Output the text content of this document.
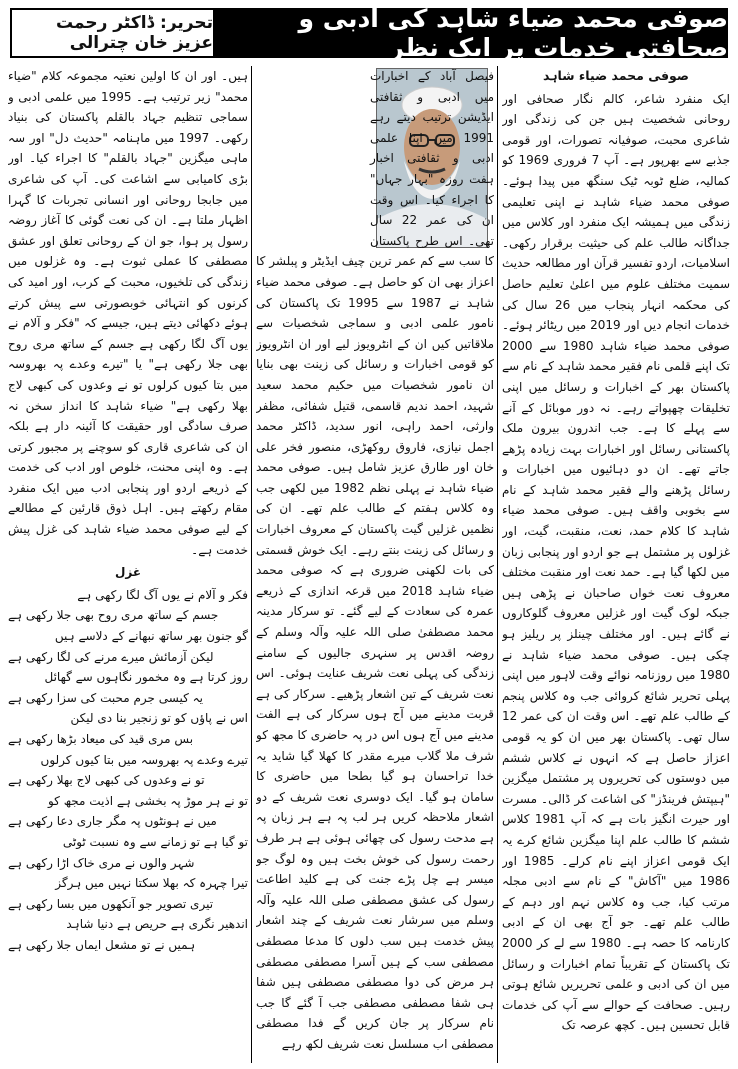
تحریر: ڈاکٹر رحمت عزیز خان چترالی
صوفی محمد ضیاء شاہد کی ادبی و صحافتی خدمات پر ایک نظر
صوفی محمد ضیاء شاہد

ایک منفرد شاعر، کالم نگار صحافی اور روحانی شخصیت ہیں جن کی زندگی اور شاعری محبت، صوفیانہ تصورات، اور قومی جذبے سے بھرپور ہے۔ آپ 7 فروری 1969 کو کمالیہ، ضلع ٹوبہ ٹیک سنگھ میں پیدا ہوئے۔ صوفی محمد ضیاء شاہد نے اپنی تعلیمی زندگی میں ہمیشہ ایک منفرد اور کلاس میں جداگانہ طالب علم کی حیثیت برقرار رکھی۔ اسلامیات، اردو تفسیر قرآن اور مطالعہ حدیث سمیت مختلف علوم میں اعلیٰ تعلیم حاصل کی محکمہ انہار پنجاب میں 26 سال کی خدمات انجام دیں اور 2019 میں ریٹائر ہوئے۔ صوفی محمد ضیاء شاہد 1980 سے 2000 تک اپنے قلمی نام فقیر محمد شاہد کے نام سے پاکستان بھر کے اخبارات و رسائل میں اپنی تخلیقات چھپواتے رہے۔ نہ دور موبائل کے آنے سے پہلے کا ہے۔ جب اندرون بیرون ملک پاکستانی رسائل اور اخبارات بہت زیادہ پڑھے جاتے تھے۔ ان دو دہائیوں میں اخبارات و رسائل پڑھنے والے فقیر محمد شاہد کے نام سے بخوبی واقف ہیں۔ صوفی محمد ضیاء شاہد کا کلام حمد، نعت، منقبت، گیت، اور غزلوں پر مشتمل ہے جو اردو اور پنجابی زبان میں لکھا گیا ہے۔ حمد نعت اور منقبت مختلف معروف نعت خواں صاحبان نے پڑھی ہیں جبکہ لوک گیت اور غزلیں معروف گلوکاروں نے گائے ہیں۔ اور مختلف چینلز پر ریلیز ہو چکی ہیں۔ صوفی محمد ضیاء شاہد نے 1980 میں روزنامہ نوائے وقت لاہور میں اپنی پہلی تحریر شائع کروائی جب وہ کلاس پنجم کے طالب علم تھے۔ اس وقت ان کی عمر 12 سال تھی۔ پاکستان بھر میں ان کو یہ قومی اعزاز حاصل ہے کہ انہوں نے کلاس ششم میں دوستوں کی تحریروں پر مشتمل میگزین "ہیپتش فرینڈز" کی اشاعت کر ڈالی۔ مسرت اور حیرت انگیز بات ہے کہ آپ 1981 کلاس ششم کا طالب علم اپنا میگزین شائع کرے یہ ایک قومی اعزاز اپنے نام کرلے۔ 1985 اور 1986 میں "آکاش" کے نام سے ادبی مجلہ مرتب کیا، جب وہ کلاس نہم اور دہم کے طالب علم تھے۔ جو آج بھی ان کے ادبی کارنامہ کا حصہ ہے۔ 1980 سے لے کر 2000 تک پاکستان کے تقریباً تمام اخبارات و رسائل میں ان کی ادبی و علمی تحریریں شائع ہوتی رہیں۔ صحافت کے حوالے سے آپ کی خدمات قابل تحسین ہیں۔ کچھ عرصہ تک

فیصل آباد کے اخبارات میں ادبی و ثقافتی ایڈیشن ترتیب دیتے رہے 1991 میں اپنا علمی ادبی و ثقافتی اخبار ہفت روزہ "بہار جہاں" کا اجراء کیا۔ اس وقت ان کی عمر 22 سال تھی۔ اس طرح پاکستان کا سب سے کم عمر ترین چیف ایڈیٹر و پبلشر کا اعزاز بھی ان کو حاصل ہے۔ صوفی محمد ضیاء شاہد نے 1987 سے 1995 تک پاکستان کی نامور علمی ادبی و سماجی شخصیات سے ملاقاتیں کیں ان کے انٹرویوز لیے اور ان انٹرویوز کو قومی اخبارات و رسائل کی زینت بھی بنایا ان نامور شخصیات میں حکیم محمد سعید شہید، احمد ندیم قاسمی، قتیل شفائی، مظفر وارثی، احمد راہی، انور سدید، ڈاکٹر محمد اجمل نیازی، فاروق روکھڑی، منصور فخر علی خان اور طارق عزیز شامل ہیں۔ صوفی محمد ضیاء شاہد نے پہلی نظم 1982 میں لکھی جب وہ کلاس ہفتم کے طالب علم تھے۔ ان کی نظمیں غزلیں گیت پاکستان کے معروف اخبارات و رسائل کی زینت بنتے رہے۔ ایک خوش قسمتی کی بات لکھنی ضروری ہے کہ صوفی محمد ضیاء شاہد 2018 میں قرعہ اندازی کے ذریعے عمرہ کی سعادت کے لیے گئے۔ تو سرکار مدینہ محمد مصطفیٰ صلی اللہ علیہ وآلہ وسلم کے روضہ اقدس پر سنہری جالیوں کے سامنے زندگی کی پہلی نعت شریف عنایت ہوئی۔ اس نعت شریف کے تین اشعار پڑھیے۔ سرکار کی ہے قربت مدینے میں آج ہوں سرکار کی ہے الفت مدینے میں آج ہوں اس در پہ حاضری کا مجھ کو شرف ملا گلاب میرے مقدر کا کھلا گیا شاید یہ خدا تراحسان ہو گیا بطحا میں حاضری کا سامان ہو گیا۔ ایک دوسری نعت شریف کے دو اشعار ملاحظہ کریں ہر لب پہ ہے ہر زبان پہ ہے مدحت رسول کی چھائی ہوئی ہے ہر طرف رحمت رسول کی خوش بخت ہیں وہ لوگ جو میسر ہے چل پڑے جنت کی ہے کلید اطاعت رسول کی عشق مصطفی صلی اللہ علیہ وآلہ وسلم میں سرشار نعت شریف کے چند اشعار پیش خدمت ہیں سب دلوں کا مدعا مصطفی مصطفی سب کے ہیں آسرا مصطفی مصطفی ہر مرض کی دوا مصطفی مصطفی ہیں شفا ہی شفا مصطفی مصطفی جب آ گئے گا جب نام سرکار پر جان کریں گے فدا مصطفی مصطفی اب مسلسل نعت شریف لکھ رہے

ہیں۔ اور ان کا اولین نعتیہ مجموعہ کلام "ضیاء محمد" زیر ترتیب ہے۔ 1995 میں علمی ادبی و سماجی تنظیم جہاد بالقلم پاکستان کی بنیاد رکھی۔ 1997 میں ماہنامہ "حدیث دل" اور سہ ماہی میگزین "جہاد بالقلم" کا اجراء کیا۔ اور بڑی کامیابی سے اشاعت کی۔ آپ کی شاعری میں جابجا روحانی اور انسانی تجربات کا گہرا اظہار ملتا ہے۔ ان کی نعت گوئی کا آغاز روضہ رسول پر ہوا، جو ان کے روحانی تعلق اور عشق مصطفی کا عملی ثبوت ہے۔ وہ غزلوں میں زندگی کی تلخیوں، محبت کے کرب، اور امید کی کرنوں کو انتہائی خوبصورتی سے پیش کرتے ہوئے دکھائی دیتے ہیں، جیسے کہ "فکر و آلام نے یوں آگ لگا رکھی ہے جسم کے ساتھ مری روح بھی جلا رکھی ہے" یا "تیرے وعدے پہ بھروسہ میں بتا کیوں کرلوں تو نے وعدوں کی کبھی لاج بھلا رکھی ہے" ضیاء شاہد کا انداز سخن نہ صرف سادگی اور حقیقت کا آئینہ دار ہے بلکہ ان کی شاعری قاری کو سوچنے پر مجبور کرتی ہے۔ وہ اپنی محنت، خلوص اور ادب کی خدمت کے ذریعے اردو اور پنجابی ادب میں ایک منفرد مقام رکھتے ہیں۔ اہل ذوق قارئین کے مطالعے کے لیے صوفی محمد ضیاء شاہد کی غزل پیش خدمت ہے۔

غزل
فکر و آلام نے یوں آگ لگا رکھی ہے
جسم کے ساتھ مری روح بھی جلا رکھی ہے
گو جنون بھر ساتھ نبھانے کے دلاسے ہیں
لیکن آزمائش میرے مرنے کی لگا رکھی ہے
روز کرتا ہے وہ مخمور نگاہوں سے گھائل
یہ کیسی جرم محبت کی سزا رکھی ہے
اس نے پاؤں کو تو زنجیر بنا دی لیکن
بس مری قید کی میعاد بڑھا رکھی ہے
تیرے وعدے پہ بھروسہ میں بتا کیوں کرلوں
تو نے وعدوں کی کبھی لاج بھلا رکھی ہے
تو نے ہر موڑ پہ بخشی ہے اذیت مجھ کو
میں نے ہونٹوں پہ مگر جاری دعا رکھی ہے
تو گیا ہے تو زمانے سے وہ نسبت ٹوٹی
شہر والوں نے مری خاک اڑا رکھی ہے
تیرا چہرہ کہ بھلا سکتا نہیں میں ہرگز
تیری تصویر جو آنکھوں میں بسا رکھی ہے
اندھیر نگری ہے حریص ہے دنیا شاہد
ہمیں نے تو مشعل ایماں جلا رکھی ہے
